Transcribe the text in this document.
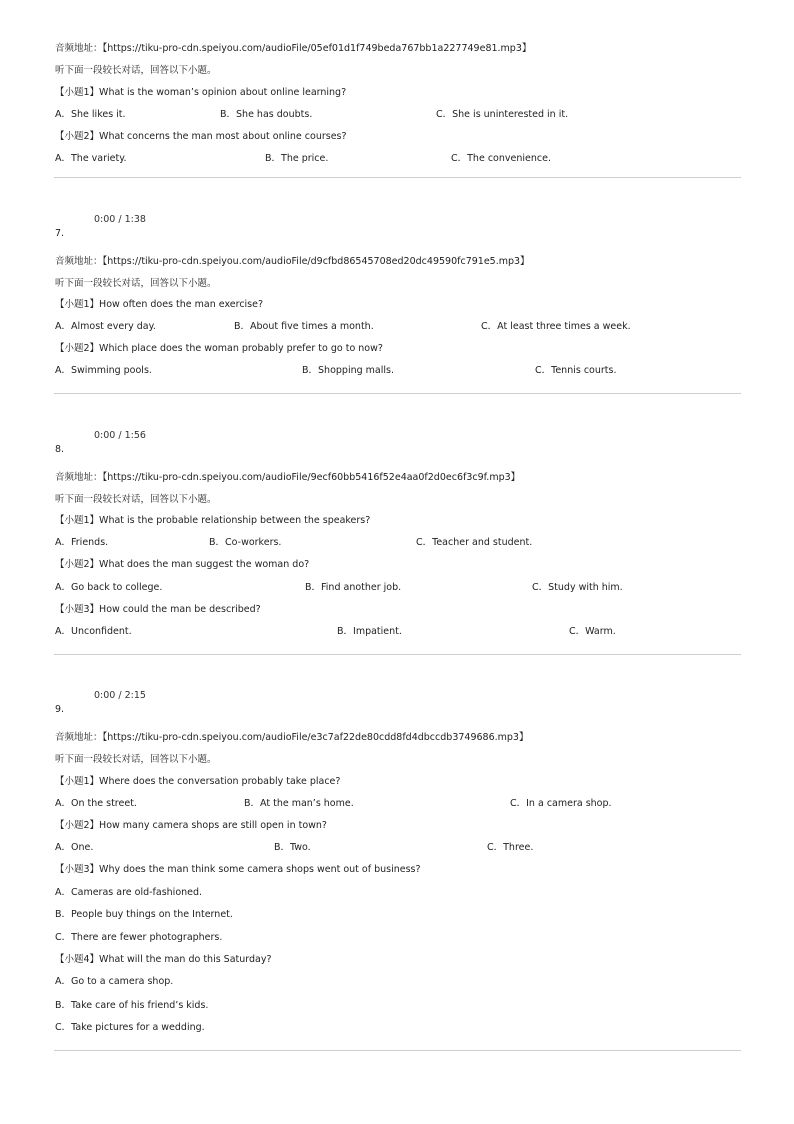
音频地址：【https://tiku-pro-cdn.speiyou.com/audioFile/05ef01d1f749beda767bb1a227749e81.mp3】
听下面一段较长对话，回答以下小题。
【小题1】What is the woman’s opinion about online learning?
A．She likes it.	B．She has doubts.	C．She is uninterested in it.
【小题2】What concerns the man most about online courses?
A．The variety.	B．The price.	C．The convenience.
0:00 / 1:38
7.
音频地址：【https://tiku-pro-cdn.speiyou.com/audioFile/d9cfbd86545708ed20dc49590fc791e5.mp3】
听下面一段较长对话，回答以下小题。
【小题1】How often does the man exercise?
A．Almost every day.	B．About five times a month.	C．At least three times a week.
【小题2】Which place does the woman probably prefer to go to now?
A．Swimming pools.	B．Shopping malls.	C．Tennis courts.
0:00 / 1:56
8.
音频地址：【https://tiku-pro-cdn.speiyou.com/audioFile/9ecf60bb5416f52e4aa0f2d0ec6f3c9f.mp3】
听下面一段较长对话，回答以下小题。
【小题1】What is the probable relationship between the speakers?
A．Friends.	B．Co-workers.	C．Teacher and student.
【小题2】What does the man suggest the woman do?
A．Go back to college.	B．Find another job.	C．Study with him.
【小题3】How could the man be described?
A．Unconfident.	B．Impatient.	C．Warm.
0:00 / 2:15
9.
音频地址：【https://tiku-pro-cdn.speiyou.com/audioFile/e3c7af22de80cdd8fd4dbccdb3749686.mp3】
听下面一段较长对话，回答以下小题。
【小题1】Where does the conversation probably take place?
A．On the street.	B．At the man’s home.	C．In a camera shop.
【小题2】How many camera shops are still open in town?
A．One.	B．Two.	C．Three.
【小题3】Why does the man think some camera shops went out of business?
A．Cameras are old-fashioned.
B．People buy things on the Internet.
C．There are fewer photographers.
【小题4】What will the man do this Saturday?
A．Go to a camera shop.
B．Take care of his friend’s kids.
C．Take pictures for a wedding.
